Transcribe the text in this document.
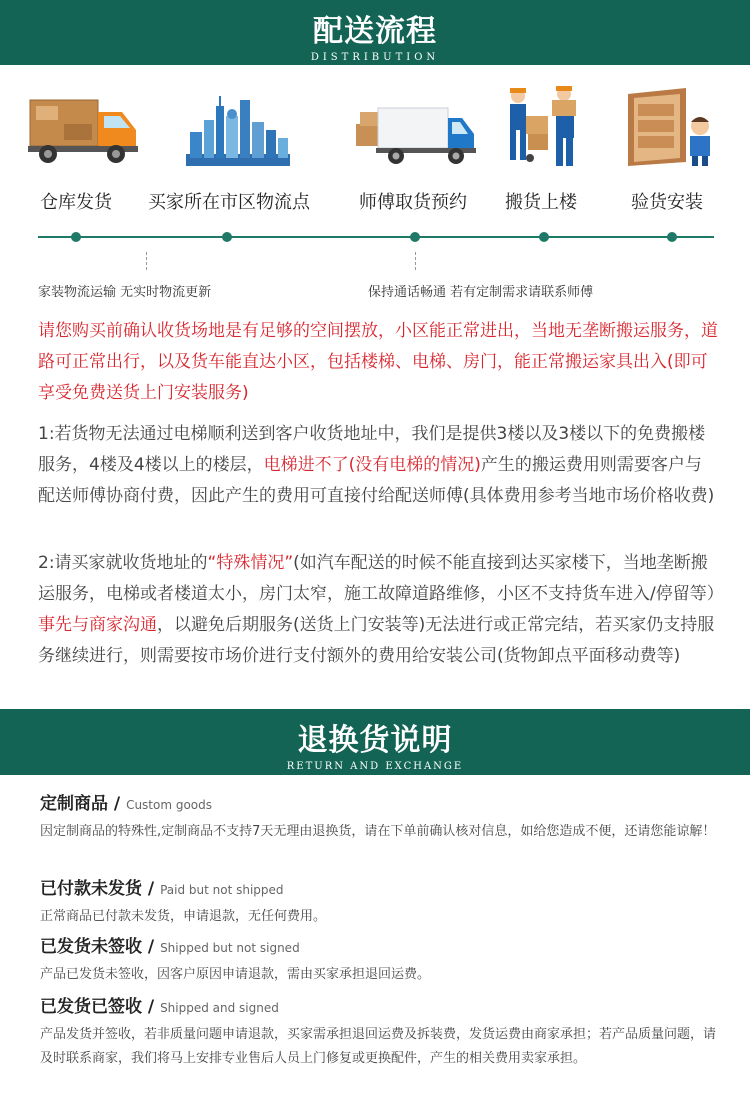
配送流程
DISTRIBUTION
仓库发货 买家所在市区物流点	师傅取货预约 搬货上楼	验货安装
家装物流运输 无实时物流更新	保持通话畅通 若有定制需求请联系师傅
请您购买前确认收货场地是有足够的空间摆放，小区能正常进出，当地无垄断搬运服务，道路可正常出行，以及货车能直达小区，包括楼梯、电梯、房门，能正常搬运家具出入(即可享受免费送货上门安装服务)
1:若货物无法通过电梯顺利送到客户收货地址中，我们是提供3楼以及3楼以下的免费搬楼服务，4楼及4楼以上的楼层，电梯进不了(没有电梯的情况)产生的搬运费用则需要客户与配送师傅协商付费，因此产生的费用可直接付给配送师傅(具体费用参考当地市场价格收费)
2:请买家就收货地址的“特殊情况”(如汽车配送的时候不能直接到达买家楼下，当地垄断搬运服务，电梯或者楼道太小，房门太窄，施工故障道路维修，小区不支持货车进入/停留等）事先与商家沟通，以避免后期服务(送货上门安装等)无法进行或正常完结，若买家仍支持服务继续进行，则需要按市场价进行支付额外的费用给安装公司(货物卸点平面移动费等)
退换货说明
RETURN AND EXCHANGE
定制商品 / Custom goods
因定制商品的特殊性,定制商品不支持7天无理由退换货，请在下单前确认核对信息，如给您造成不便，还请您能谅解！
已付款未发货 / Paid but not shipped
正常商品已付款未发货，申请退款，无任何费用。
已发货未签收 / Shipped but not signed
产品已发货未签收，因客户原因申请退款，需由买家承担退回运费。
已发货已签收 / Shipped and signed
产品发货并签收，若非质量问题申请退款，买家需承担退回运费及拆装费，发货运费由商家承担；若产品质量问题，请及时联系商家，我们将马上安排专业售后人员上门修复或更换配件，产生的相关费用卖家承担。
